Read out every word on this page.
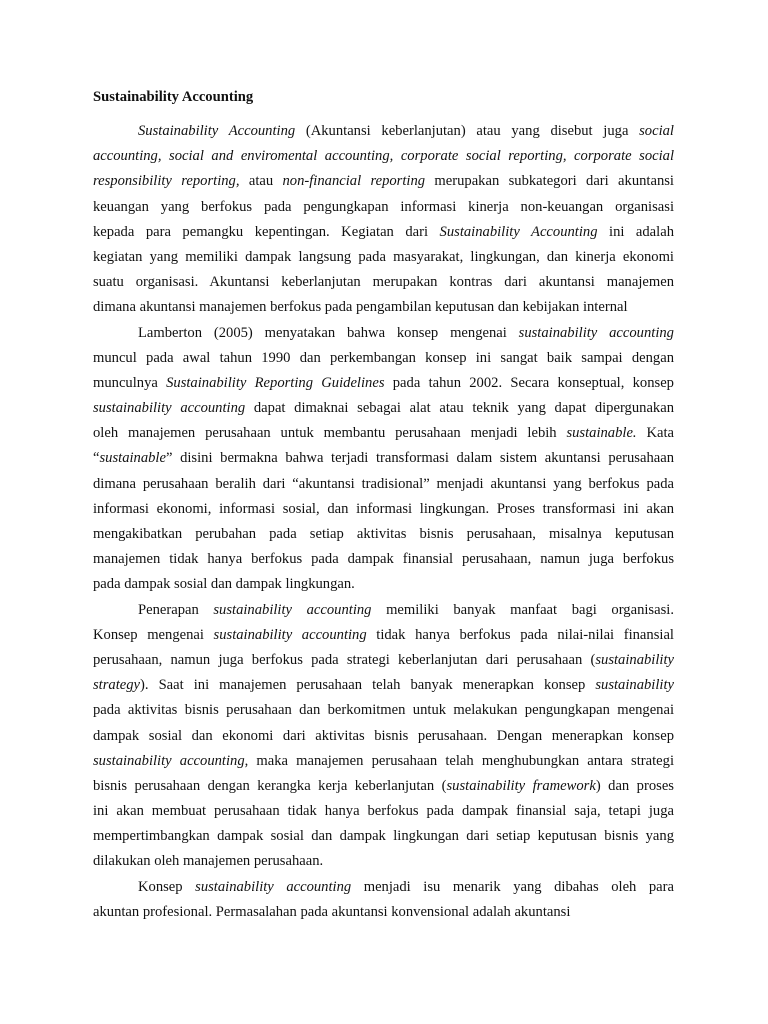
Sustainability Accounting
Sustainability Accounting (Akuntansi keberlanjutan) atau yang disebut juga social
accounting, social and enviromental accounting, corporate social reporting, corporate social
responsibility reporting, atau non-financial reporting merupakan subkategori dari akuntansi
keuangan yang berfokus pada pengungkapan informasi kinerja non-keuangan organisasi
kepada para pemangku kepentingan. Kegiatan dari Sustainability Accounting ini adalah
kegiatan yang memiliki dampak langsung pada masyarakat, lingkungan, dan kinerja ekonomi
suatu organisasi. Akuntansi keberlanjutan merupakan kontras dari akuntansi manajemen
dimana akuntansi manajemen berfokus pada pengambilan keputusan dan kebijakan internal
Lamberton (2005) menyatakan bahwa konsep mengenai sustainability accounting
muncul pada awal tahun 1990 dan perkembangan konsep ini sangat baik sampai dengan
munculnya Sustainability Reporting Guidelines pada tahun 2002. Secara konseptual, konsep
sustainability accounting dapat dimaknai sebagai alat atau teknik yang dapat dipergunakan
oleh manajemen perusahaan untuk membantu perusahaan menjadi lebih sustainable. Kata
“sustainable” disini bermakna bahwa terjadi transformasi dalam sistem akuntansi perusahaan
dimana perusahaan beralih dari “akuntansi tradisional” menjadi akuntansi yang berfokus pada
informasi ekonomi, informasi sosial, dan informasi lingkungan. Proses transformasi ini akan
mengakibatkan perubahan pada setiap aktivitas bisnis perusahaan, misalnya keputusan
manajemen tidak hanya berfokus pada dampak finansial perusahaan, namun juga berfokus
pada dampak sosial dan dampak lingkungan.
Penerapan sustainability accounting memiliki banyak manfaat bagi organisasi.
Konsep mengenai sustainability accounting tidak hanya berfokus pada nilai-nilai finansial
perusahaan, namun juga berfokus pada strategi keberlanjutan dari perusahaan (sustainability
strategy). Saat ini manajemen perusahaan telah banyak menerapkan konsep sustainability
pada aktivitas bisnis perusahaan dan berkomitmen untuk melakukan pengungkapan mengenai
dampak sosial dan ekonomi dari aktivitas bisnis perusahaan. Dengan menerapkan konsep
sustainability accounting, maka manajemen perusahaan telah menghubungkan antara strategi
bisnis perusahaan dengan kerangka kerja keberlanjutan (sustainability framework) dan proses
ini akan membuat perusahaan tidak hanya berfokus pada dampak finansial saja, tetapi juga
mempertimbangkan dampak sosial dan dampak lingkungan dari setiap keputusan bisnis yang
dilakukan oleh manajemen perusahaan.
Konsep sustainability accounting menjadi isu menarik yang dibahas oleh para
akuntan profesional. Permasalahan pada akuntansi konvensional adalah akuntansi
